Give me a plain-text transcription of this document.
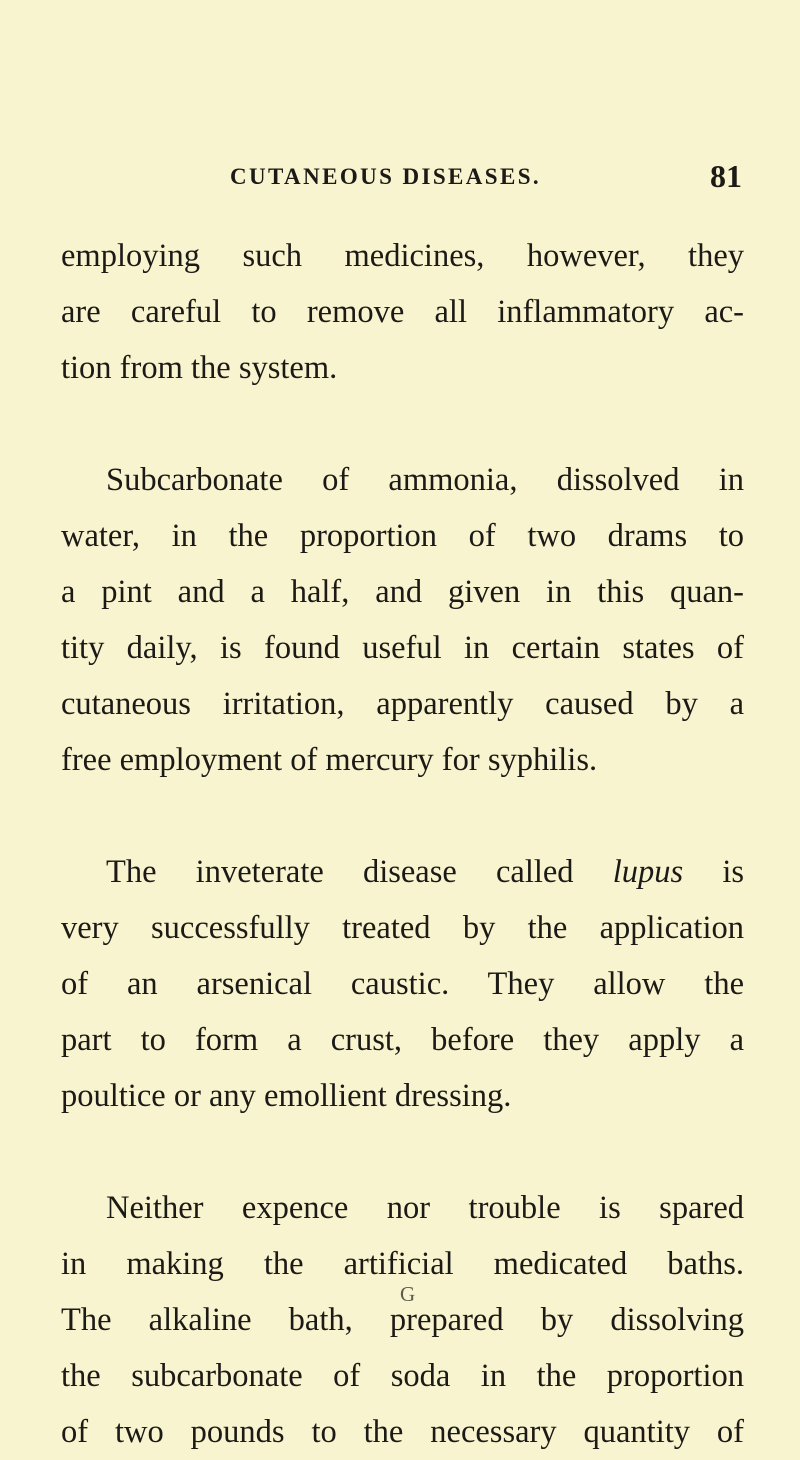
CUTANEOUS DISEASES.	81
employing such medicines, however, they
are careful to remove all inflammatory ac-
tion from the system.
Subcarbonate of ammonia, dissolved in
water, in the proportion of two drams to
a pint and a half, and given in this quan-
tity daily, is found useful in certain states of
cutaneous irritation, apparently caused by a
free employment of mercury for syphilis.
The inveterate disease called lupus is
very successfully treated by the application
of an arsenical caustic. They allow the
part to form a crust, before they apply a
poultice or any emollient dressing.
Neither expence nor trouble is spared
in making the artificial medicated baths.
The alkaline bath, prepared by dissolving
the subcarbonate of soda in the proportion
of two pounds to the necessary quantity of
G
